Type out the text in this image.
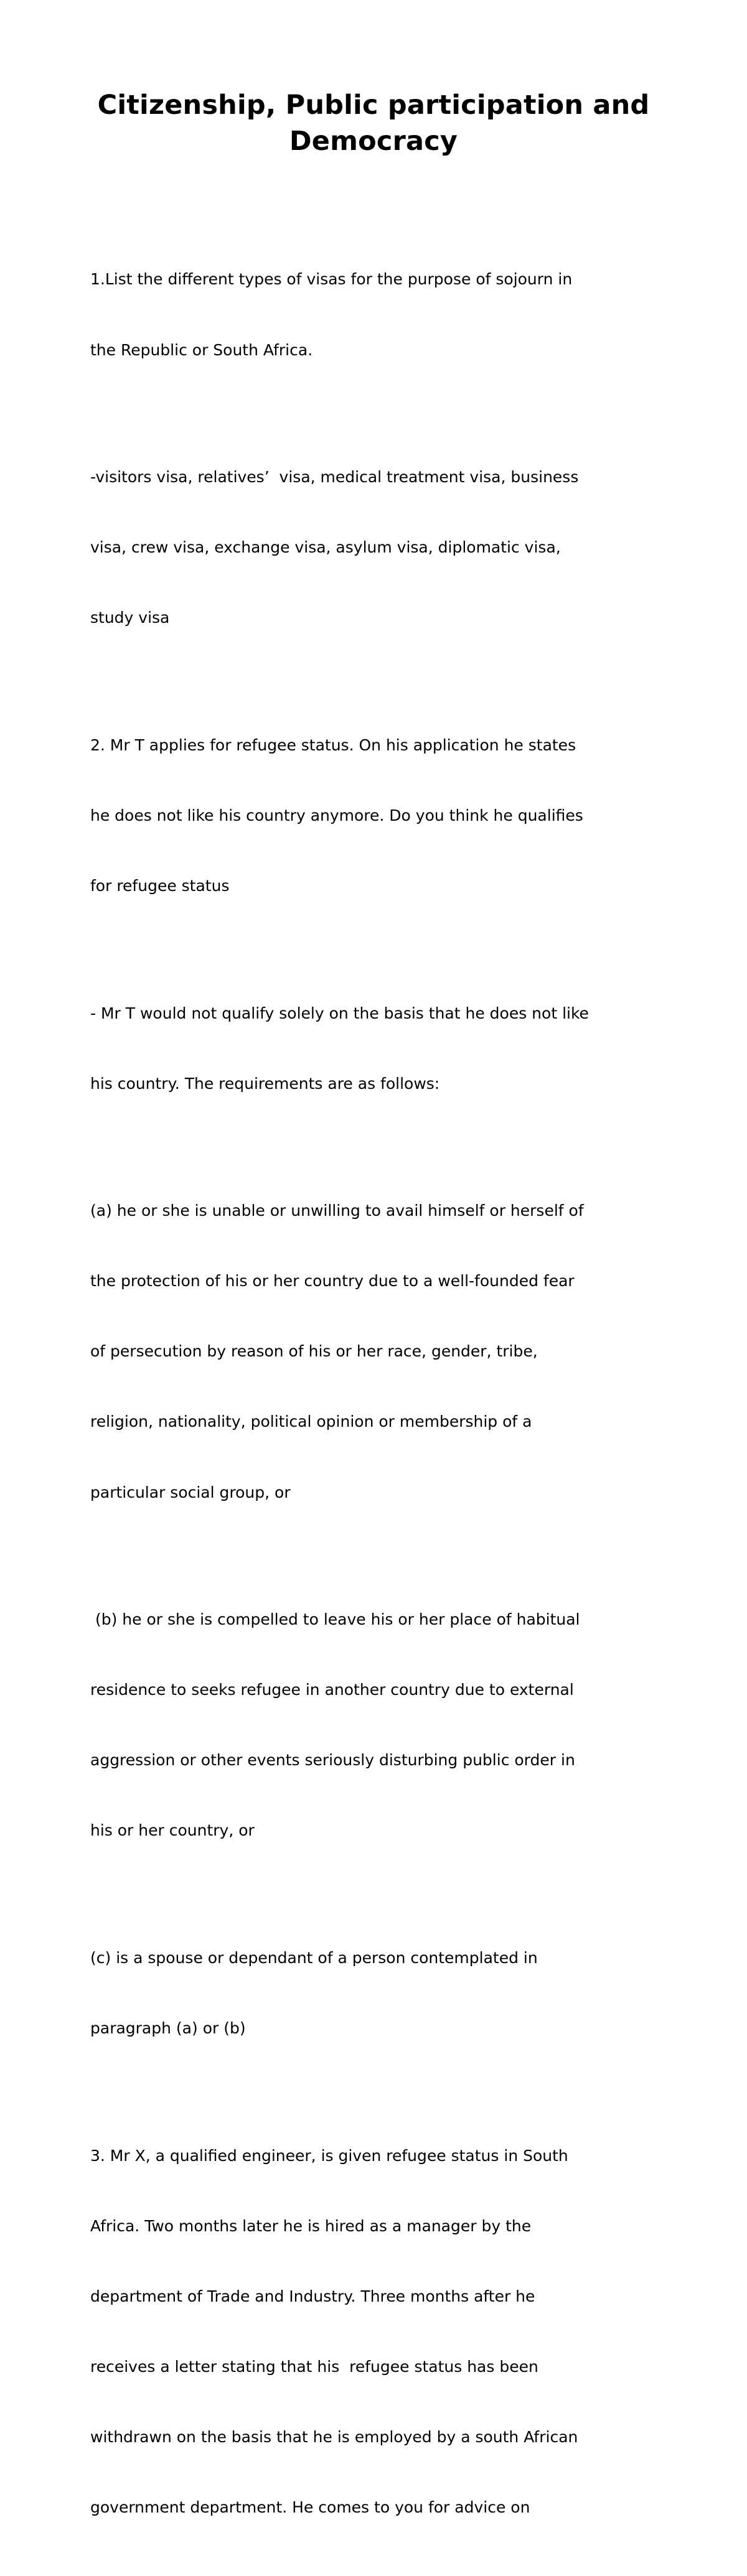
Citizenship, Public participation and
Democracy

1.List the different types of visas for the purpose of sojourn in

the Republic or South Africa.

-visitors visa, relatives’  visa, medical treatment visa, business

visa, crew visa, exchange visa, asylum visa, diplomatic visa,

study visa

2. Mr T applies for refugee status. On his application he states

he does not like his country anymore. Do you think he qualifies

for refugee status

- Mr T would not qualify solely on the basis that he does not like

his country. The requirements are as follows:

(a) he or she is unable or unwilling to avail himself or herself of

the protection of his or her country due to a well-founded fear

of persecution by reason of his or her race, gender, tribe,

religion, nationality, political opinion or membership of a

particular social group, or

(b) he or she is compelled to leave his or her place of habitual

residence to seeks refugee in another country due to external

aggression or other events seriously disturbing public order in

his or her country, or

(c) is a spouse or dependant of a person contemplated in

paragraph (a) or (b)

3. Mr X, a qualified engineer, is given refugee status in South

Africa. Two months later he is hired as a manager by the

department of Trade and Industry. Three months after he

receives a letter stating that his  refugee status has been

withdrawn on the basis that he is employed by a south African

government department. He comes to you for advice on
